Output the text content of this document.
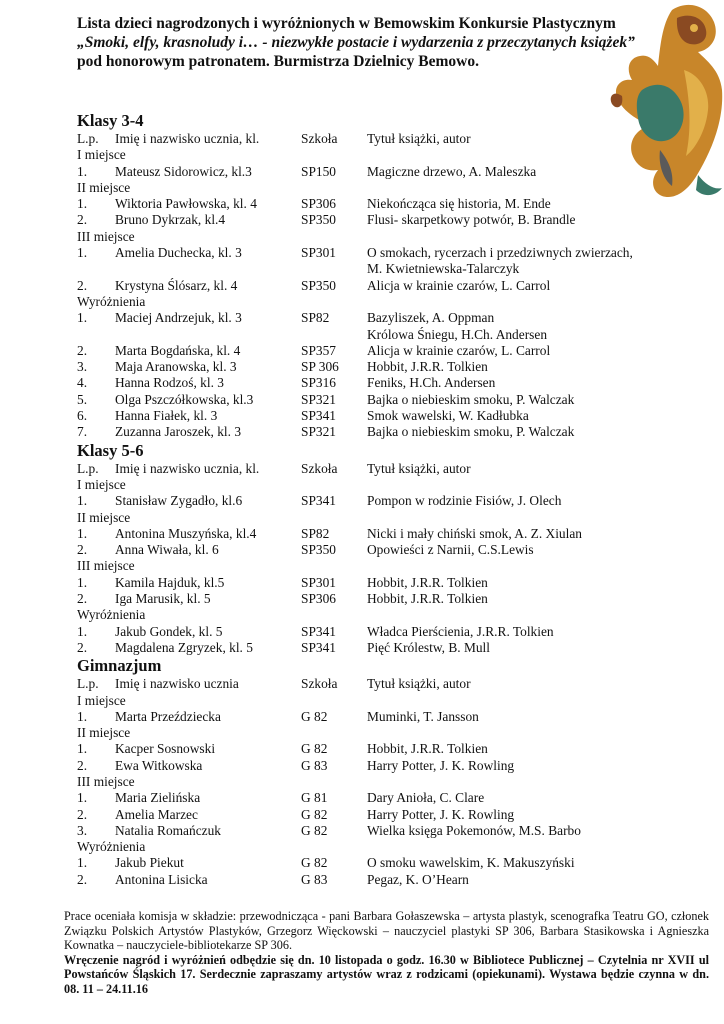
Lista dzieci nagrodzonych i wyróżnionych w Bemowskim Konkursie Plastycznym
„Smoki, elfy, krasnoludy i… - niezwykłe postacie i wydarzenia z przeczytanych książek” pod honorowym patronatem. Burmistrza Dzielnicy Bemowo.
Klasy 3-4
L.p. Imię i nazwisko ucznia, kl.	Szkoła Tytuł książki, autor
I miejsce
1. Mateusz Sidorowicz, kl.3	SP150 Magiczne drzewo, A. Maleszka
II miejsce
1. Wiktoria Pawłowska, kl. 4	SP306 Niekończąca się historia, M. Ende
2. Bruno Dykrzak, kl.4	SP350 Flusi- skarpetkowy potwór, B. Brandle
III miejsce
1. Amelia Duchecka, kl. 3	SP301 O smokach, rycerzach i przedziwnych zwierzach,
M. Kwietniewska-Talarczyk
2. Krystyna Ślósarz, kl. 4	SP350 Alicja w krainie czarów, L. Carrol
Wyróżnienia
1. Maciej Andrzejuk, kl. 3	SP82	Bazyliszek, A. Oppman
Królowa Śniegu, H.Ch. Andersen
2. Marta Bogdańska, kl. 4	SP357 Alicja w krainie czarów, L. Carrol
3. Maja Aranowska, kl. 3	SP 306 Hobbit, J.R.R. Tolkien
4. Hanna Rodzoś, kl. 3	SP316 Feniks, H.Ch. Andersen
5. Olga Pszczółkowska, kl.3	SP321 Bajka o niebieskim smoku, P. Walczak
6. Hanna Fiałek, kl. 3	SP341 Smok wawelski, W. Kadłubka
7. Zuzanna Jaroszek, kl. 3	SP321 Bajka o niebieskim smoku, P. Walczak
Klasy 5-6
L.p. Imię i nazwisko ucznia, kl.	Szkoła Tytuł książki, autor
I miejsce
1. Stanisław Zygadło, kl.6	SP341 Pompon w rodzinie Fisiów, J. Olech
II miejsce
1. Antonina Muszyńska, kl.4	SP82	Nicki i mały chiński smok, A. Z. Xiulan
2. Anna Wiwała, kl. 6	SP350 Opowieści z Narnii, C.S.Lewis
III miejsce
1. Kamila Hajduk, kl.5	SP301 Hobbit, J.R.R. Tolkien
2. Iga Marusik, kl. 5	SP306 Hobbit, J.R.R. Tolkien
Wyróżnienia
1. Jakub Gondek, kl. 5	SP341 Władca Pierścienia, J.R.R. Tolkien
2. Magdalena Zgryzek, kl. 5	SP341 Pięć Królestw, B. Mull
Gimnazjum
L.p. Imię i nazwisko ucznia	Szkoła Tytuł książki, autor
I miejsce
1. Marta Przeździecka	G 82	Muminki, T. Jansson
II miejsce
1. Kacper Sosnowski	G 82	Hobbit, J.R.R. Tolkien
2. Ewa Witkowska	G 83	Harry Potter, J. K. Rowling
III miejsce
1. Maria Zielińska	G 81	Dary Anioła, C. Clare
2. Amelia Marzec	G 82	Harry Potter, J. K. Rowling
3. Natalia Romańczuk	G 82	Wielka księga Pokemonów, M.S. Barbo
Wyróżnienia
1. Jakub Piekut	G 82	O smoku wawelskim, K. Makuszyński
2. Antonina Lisicka	G 83	Pegaz, K. O’Hearn
Prace oceniała komisja w składzie: przewodnicząca - pani Barbara Gołaszewska – artysta plastyk, scenografka Teatru GO, członek Związku Polskich Artystów Plastyków, Grzegorz Więckowski – nauczyciel plastyki SP 306, Barbara Stasikowska i Agnieszka Kownatka – nauczyciele-bibliotekarze SP 306.
Wręczenie nagród i wyróżnień odbędzie się dn. 10 listopada o godz. 16.30 w Bibliotece Publicznej – Czytelnia nr XVII ul Powstańców Śląskich 17. Serdecznie zapraszamy artystów wraz z rodzicami (opiekunami). Wystawa będzie czynna w dn. 08. 11 – 24.11.16
